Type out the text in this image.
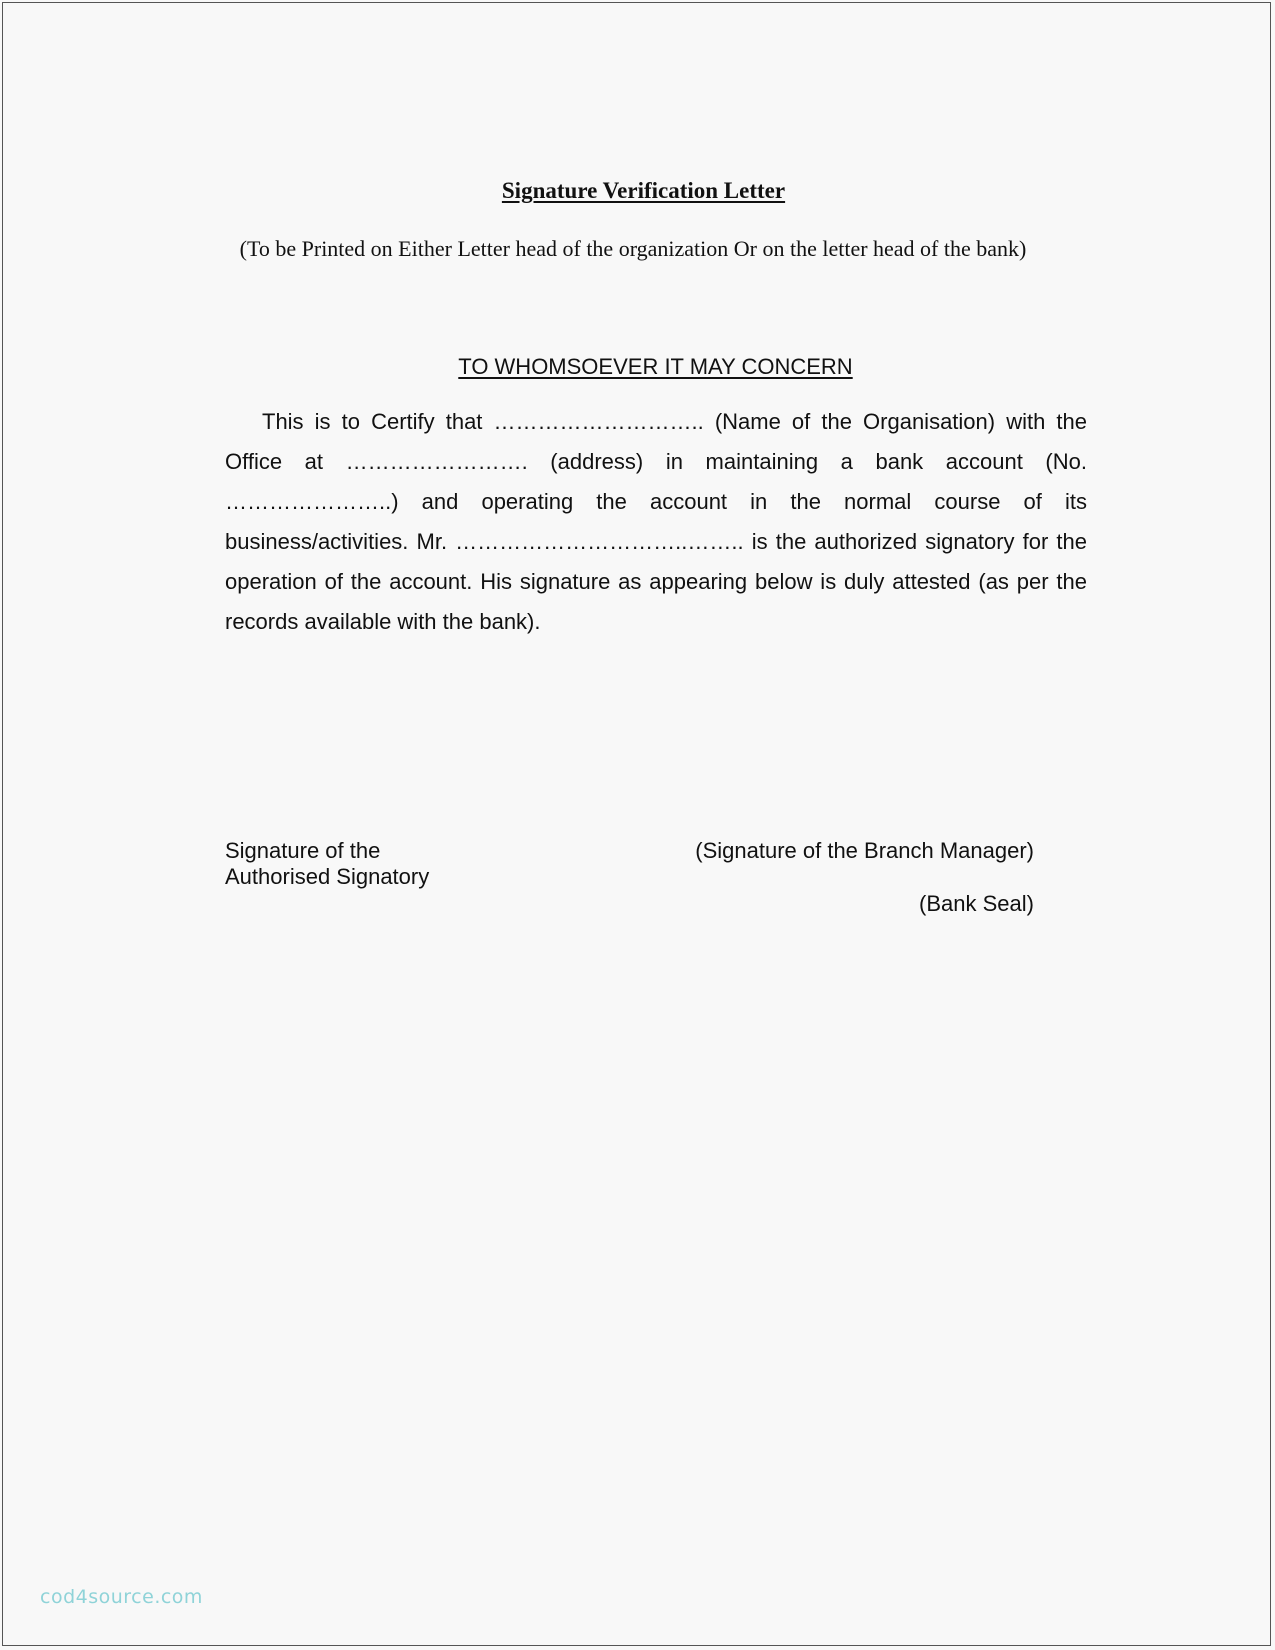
Signature Verification Letter

(To be Printed on Either Letter head of the organization Or on the letter head of the bank)

TO WHOMSOEVER IT MAY CONCERN

This is to Certify that ……………………….. (Name of the Organisation) with the Office at ……………………. (address) in maintaining a bank account (No. …………………..) and operating the account in the normal course of its business/activities. Mr. …………………………..…….. is the authorized signatory for the operation of the account. His signature as appearing below is duly attested (as per the records available with the bank).

Signature of the
Authorised Signatory
(Signature of the Branch Manager)
(Bank Seal)
cod4source.com
